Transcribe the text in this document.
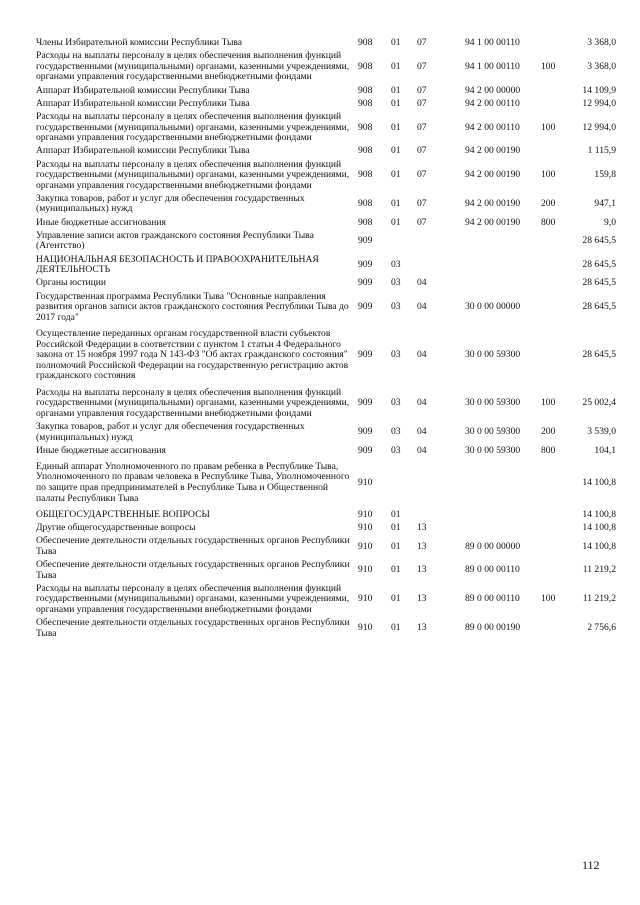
Члены Избирательной комиссии Республики Тыва	908	01	07	94 1 00 00110		3 368,0
Расходы на выплаты персоналу в целях обеспечения выполнения функций государственными (муниципальными) органами, казенными учреждениями, органами управления государственными внебюджетными фондами	908	01	07	94 1 00 00110	100	3 368,0
Аппарат Избирательной комиссии Республики Тыва	908	01	07	94 2 00 00000		14 109,9
Аппарат Избирательной комиссии Республики Тыва	908	01	07	94 2 00 00110		12 994,0
Расходы на выплаты персоналу в целях обеспечения выполнения функций государственными (муниципальными) органами, казенными учреждениями, органами управления государственными внебюджетными фондами	908	01	07	94 2 00 00110	100	12 994,0
Аппарат Избирательной комиссии Республики Тыва	908	01	07	94 2 00 00190		1 115,9
Расходы на выплаты персоналу в целях обеспечения выполнения функций государственными (муниципальными) органами, казенными учреждениями, органами управления государственными внебюджетными фондами	908	01	07	94 2 00 00190	100	159,8
Закупка товаров, работ и услуг для обеспечения государственных (муниципальных) нужд	908	01	07	94 2 00 00190	200	947,1
Иные бюджетные ассигнования	908	01	07	94 2 00 00190	800	9,0
Управление записи актов гражданского состояния Республики Тыва (Агентство)	909					28 645,5
НАЦИОНАЛЬНАЯ БЕЗОПАСНОСТЬ И ПРАВООХРАНИТЕЛЬНАЯ ДЕЯТЕЛЬНОСТЬ	909	03				28 645,5
Органы юстиции	909	03	04			28 645,5
Государственная программа Республики Тыва "Основные направления развития органов записи актов гражданского состояния Республики Тыва до 2017 года"	909	03	04	30 0 00 00000		28 645,5
Осуществление переданных органам государственной власти субъектов Российской Федерации в соответствии с пунктом 1 статьи 4 Федерального закона от 15 ноября 1997 года N 143-ФЗ "Об актах гражданского состояния" полномочий Российской Федерации на государственную регистрацию актов гражданского состояния	909	03	04	30 0 00 59300		28 645,5
Расходы на выплаты персоналу в целях обеспечения выполнения функций государственными (муниципальными) органами, казенными учреждениями, органами управления государственными внебюджетными фондами	909	03	04	30 0 00 59300	100	25 002,4
Закупка товаров, работ и услуг для обеспечения государственных (муниципальных) нужд	909	03	04	30 0 00 59300	200	3 539,0
Иные бюджетные ассигнования	909	03	04	30 0 00 59300	800	104,1
Единый аппарат Уполномоченного по правам ребенка в Республике Тыва, Уполномоченного по правам человека в Республике Тыва, Уполномоченного по защите прав предпринимателей в Республике Тыва и Общественной палаты Республики Тыва	910					14 100,8
ОБЩЕГОСУДАРСТВЕННЫЕ ВОПРОСЫ	910	01				14 100,8
Другие общегосударственные вопросы	910	01	13			14 100,8
Обеспечение деятельности отдельных государственных органов Республики Тыва	910	01	13	89 0 00 00000		14 100,8
Обеспечение деятельности отдельных государственных органов Республики Тыва	910	01	13	89 0 00 00110		11 219,2
Расходы на выплаты персоналу в целях обеспечения выполнения функций государственными (муниципальными) органами, казенными учреждениями, органами управления государственными внебюджетными фондами	910	01	13	89 0 00 00110	100	11 219,2
Обеспечение деятельности отдельных государственных органов Республики Тыва	910	01	13	89 0 00 00190		2 756,6
112
